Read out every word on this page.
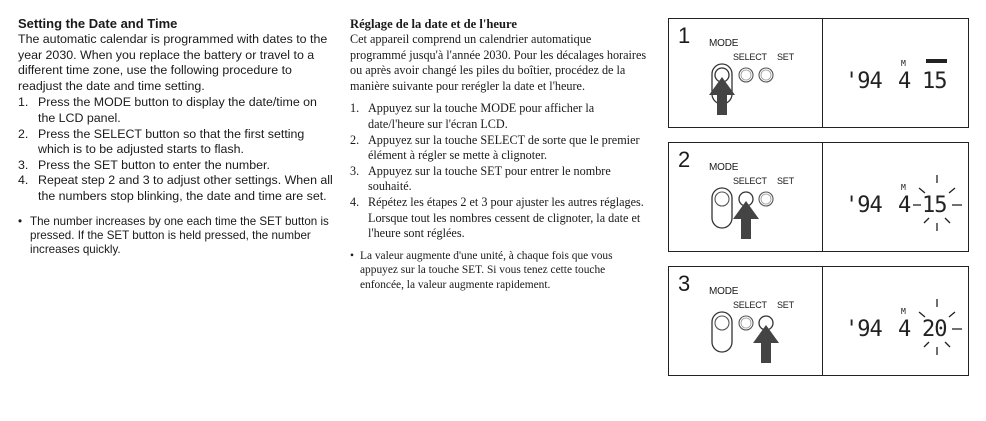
Setting the Date and Time

The automatic calendar is programmed with dates to the year 2030. When you replace the battery or travel to a different time zone, use the following procedure to readjust the date and time setting.

1. Press the MODE button to display the date/time on the LCD panel.
2. Press the SELECT button so that the first setting which is to be adjusted starts to flash.
3. Press the SET button to enter the number.
4. Repeat step 2 and 3 to adjust other settings. When all the numbers stop blinking, the date and time are set.
• The number increases by one each time the SET button is pressed. If the SET button is held pressed, the number increases quickly.
Réglage de la date et de l'heure

Cet appareil comprend un calendrier automatique programmé jusqu'à l'année 2030. Pour les décalages horaires ou après avoir changé les piles du boîtier, procédez de la manière suivante pour rerégler la date et l'heure.

1. Appuyez sur la touche MODE pour afficher la date/l'heure sur l'écran LCD.
2. Appuyez sur la touche SELECT de sorte que le premier élément à régler se mette à clignoter.
3. Appuyez sur la touche SET pour entrer le nombre souhaité.
4. Répétez les étapes 2 et 3 pour ajuster les autres réglages. Lorsque tout les nombres cessent de clignoter, la date et l'heure sont réglées.
• La valeur augmente d'une unité, à chaque fois que vous appuyez sur la touche SET. Si vous tenez cette touche enfoncée, la valeur augmente rapidement.
1 MODE
SELECT SET
'94
M
4 15
2 MODE
SELECT SET
'94
M
4 15
3 MODE
SELECT SET
'94
M
4 20
